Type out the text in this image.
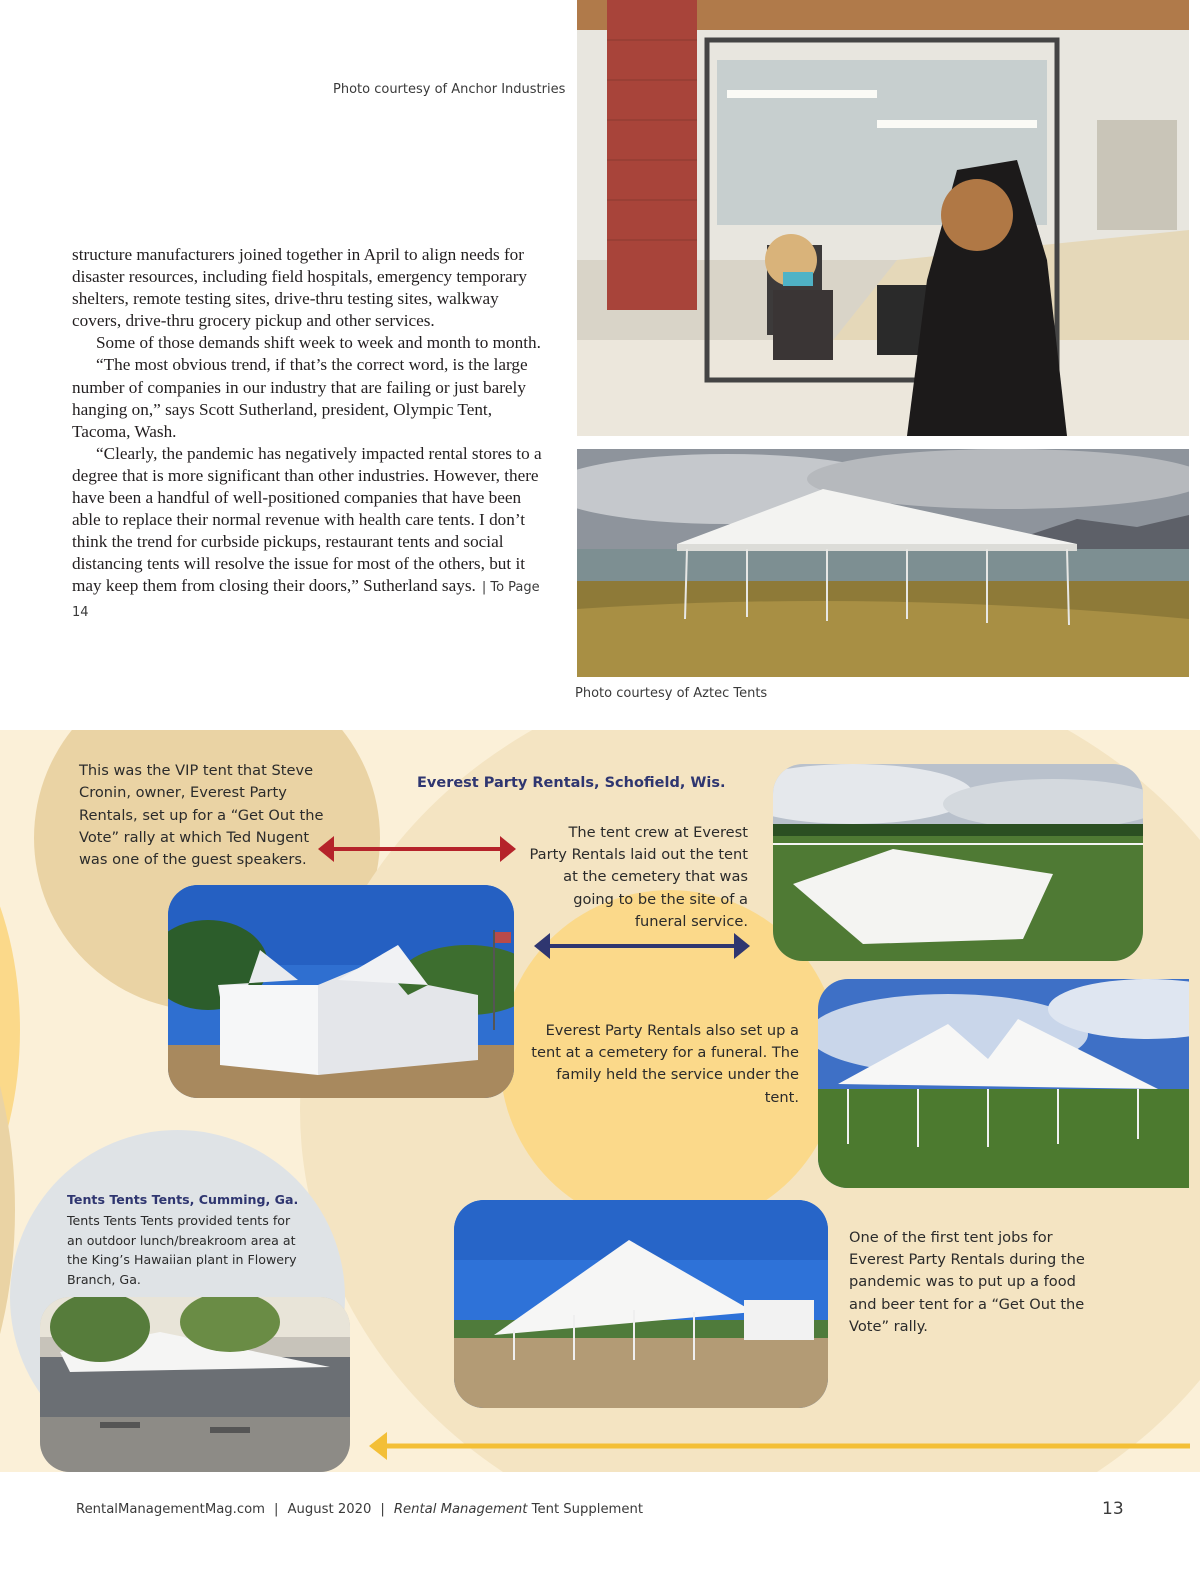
Photo courtesy of Anchor Industries

structure manufacturers joined together in April to align needs for disaster resources, including field hospitals, emergency temporary shelters, remote testing sites, drive-thru testing sites, walkway covers, drive-thru grocery pickup and other services.

Some of those demands shift week to week and month to month.

“The most obvious trend, if that’s the correct word, is the large number of companies in our industry that are failing or just barely hanging on,” says Scott Sutherland, president, Olympic Tent, Tacoma, Wash.

“Clearly, the pandemic has negatively impacted rental stores to a degree that is more significant than other industries. However, there have been a handful of well-positioned companies that have been able to replace their normal revenue with health care tents. I don’t think the trend for curbside pickups, restaurant tents and social distancing tents will resolve the issue for most of the others, but it may keep them from closing their doors,” Sutherland says. | To Page 14

Photo courtesy of Aztec Tents
This was the VIP tent that Steve Cronin, owner, Everest Party Rentals, set up for a “Get Out the Vote” rally at which Ted Nugent was one of the guest speakers.
Everest Party Rentals, Schofield, Wis.
The tent crew at Everest Party Rentals laid out the tent at the cemetery that was going to be the site of a funeral service.
Everest Party Rentals also set up a tent at a cemetery for a funeral. The family held the service under the tent.
One of the first tent jobs for Everest Party Rentals during the pandemic was to put up a food and beer tent for a “Get Out the Vote” rally.
Tents Tents Tents, Cumming, Ga.
Tents Tents Tents provided tents for an outdoor lunch/breakroom area at the King’s Hawaiian plant in Flowery Branch, Ga.
RentalManagementMag.com | August 2020 | Rental Management Tent Supplement	13
